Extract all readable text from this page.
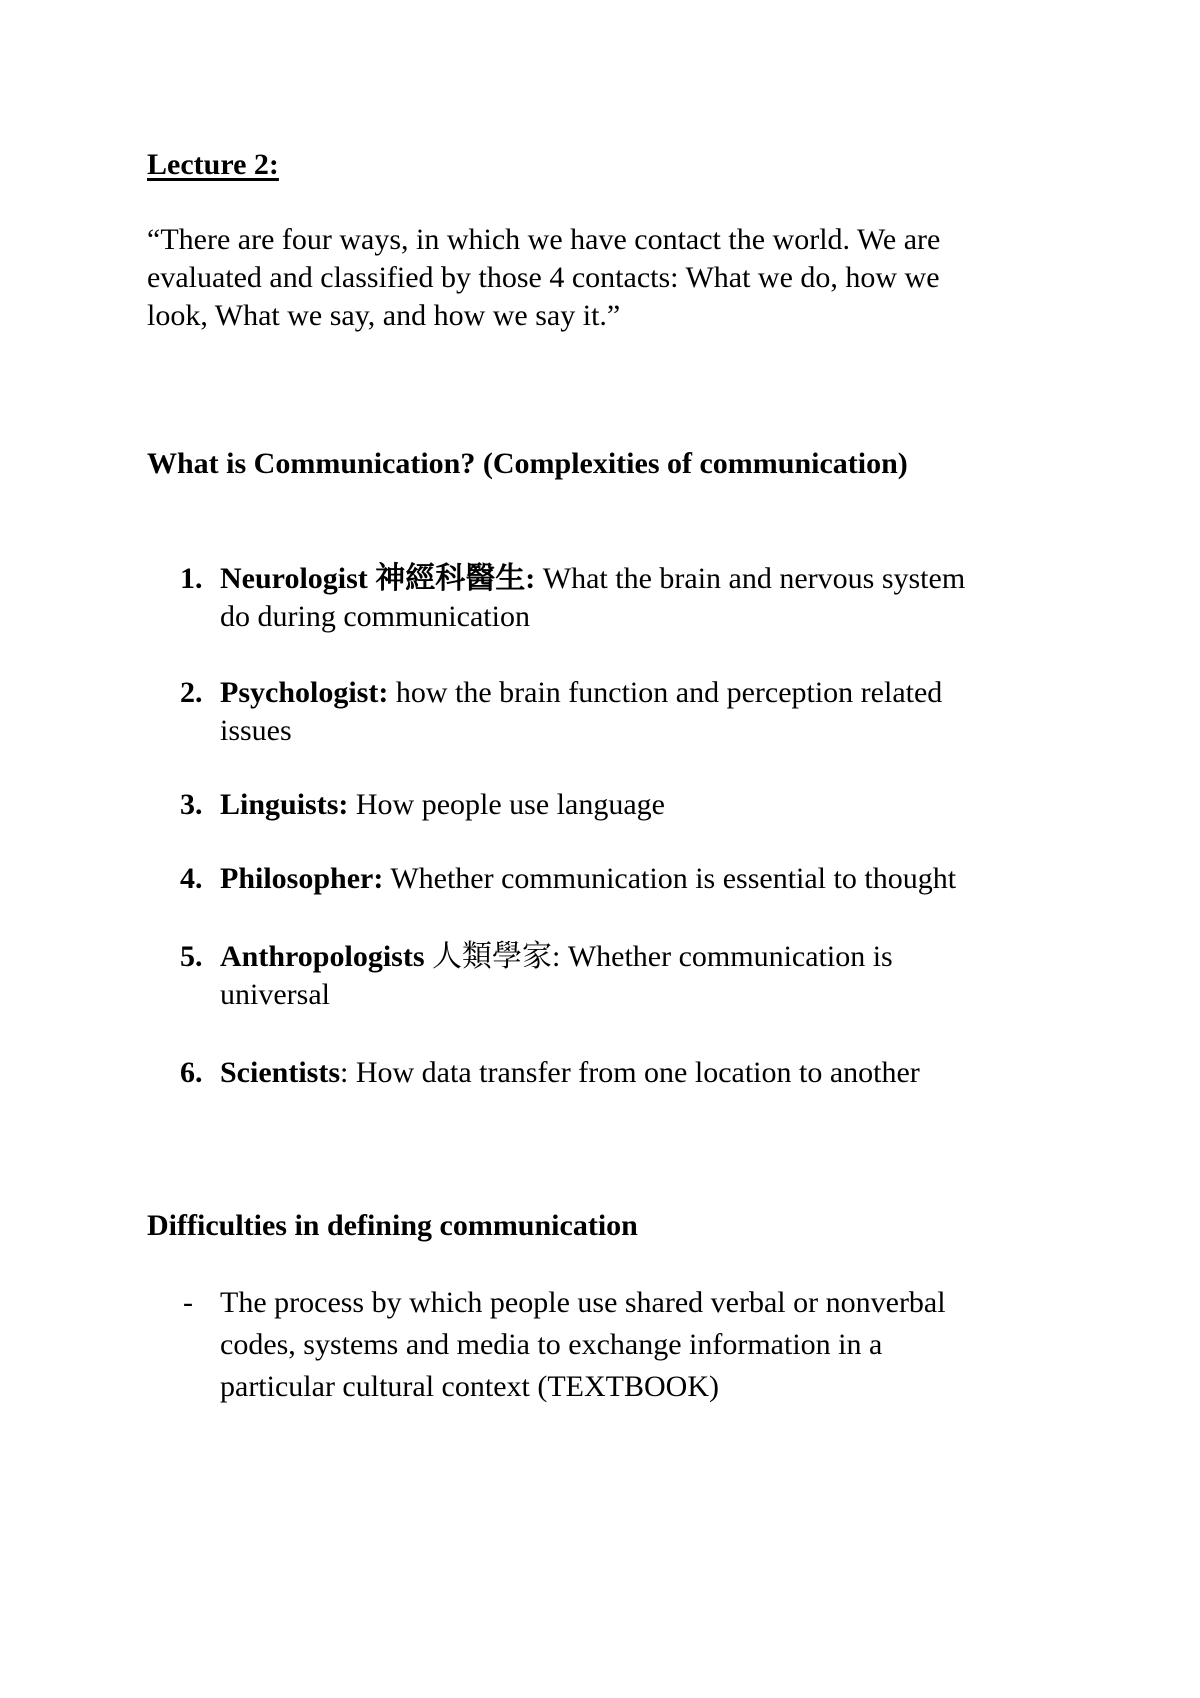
Lecture 2:

“There are four ways, in which we have contact the world. We are
evaluated and classified by those 4 contacts: What we do, how we
look, What we say, and how we say it.”

What is Communication? (Complexities of communication)
1. Neurologist 神經科醫生: What the brain and nervous system
do during communication
2. Psychologist: how the brain function and perception related
issues
3. Linguists: How people use language
4. Philosopher: Whether communication is essential to thought
5. Anthropologists 人類學家: Whether communication is
universal
6. Scientists: How data transfer from one location to another
Difficulties in defining communication
- The process by which people use shared verbal or nonverbal
codes, systems and media to exchange information in a
particular cultural context (TEXTBOOK)
